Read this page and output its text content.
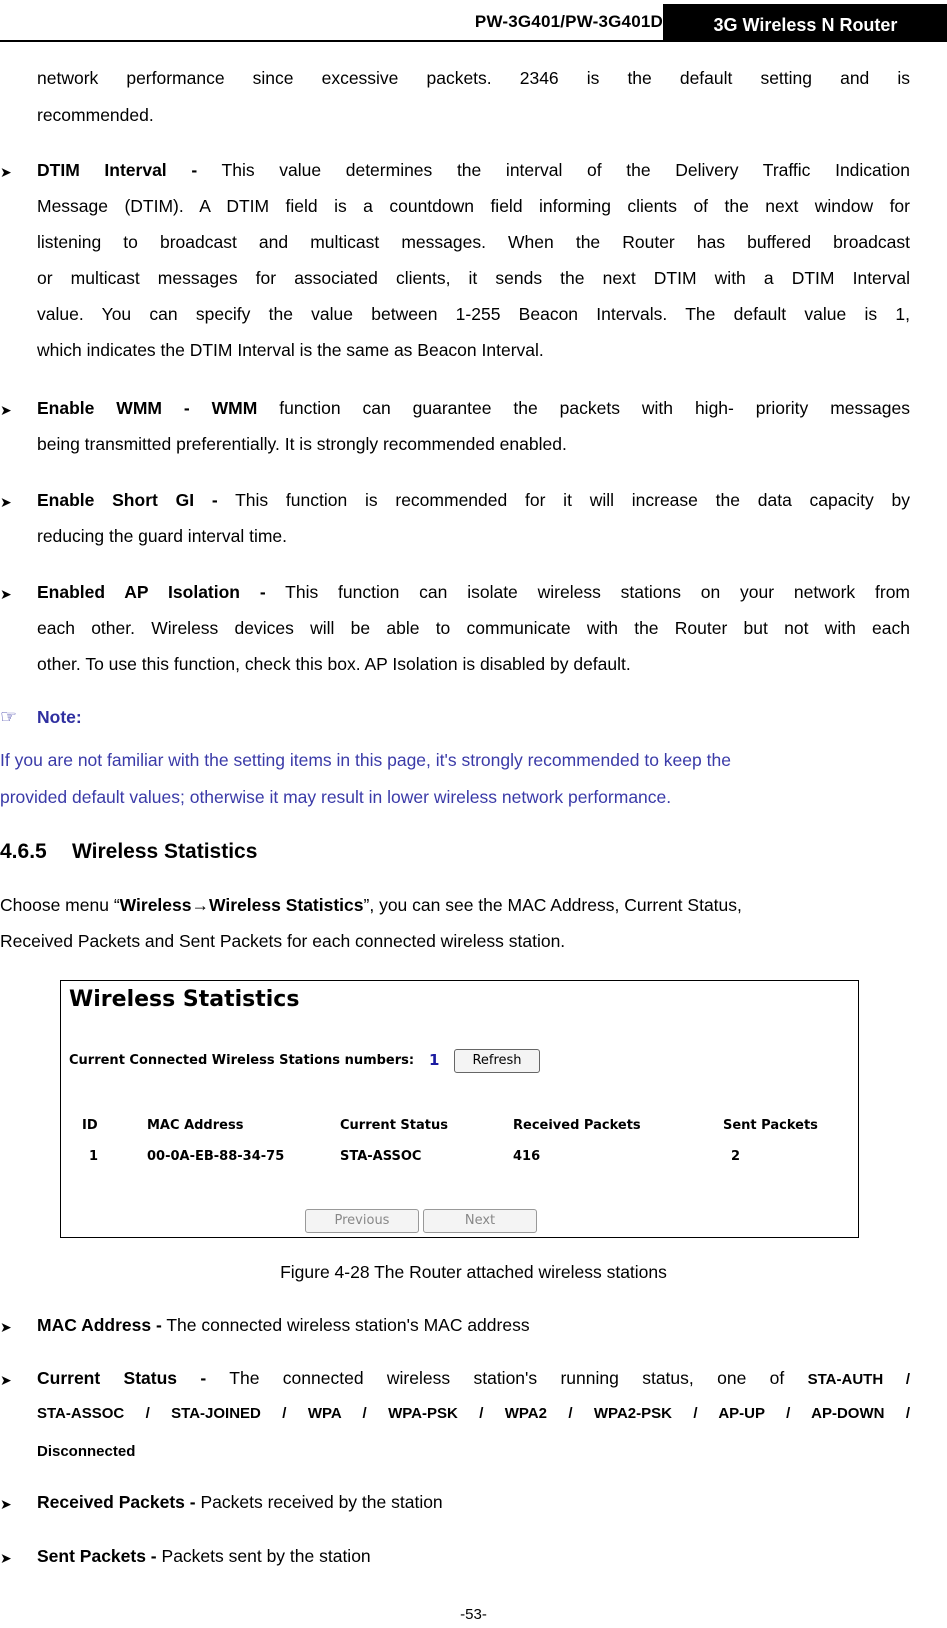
PW-3G401/PW-3G401D	3G Wireless N Router
network performance since excessive packets. 2346 is the default setting and is
recommended.
➤ DTIM Interval - This value determines the interval of the Delivery Traffic Indication
Message (DTIM). A DTIM field is a countdown field informing clients of the next window for
listening to broadcast and multicast messages. When the Router has buffered broadcast
or multicast messages for associated clients, it sends the next DTIM with a DTIM Interval
value. You can specify the value between 1-255 Beacon Intervals. The default value is 1,
which indicates the DTIM Interval is the same as Beacon Interval.
➤ Enable WMM - WMM function can guarantee the packets with high- priority messages
being transmitted preferentially. It is strongly recommended enabled.
➤ Enable Short GI - This function is recommended for it will increase the data capacity by
reducing the guard interval time.
➤ Enabled AP Isolation - This function can isolate wireless stations on your network from
each other. Wireless devices will be able to communicate with the Router but not with each
other. To use this function, check this box. AP Isolation is disabled by default.
☞ Note:
If you are not familiar with the setting items in this page, it's strongly recommended to keep the
provided default values; otherwise it may result in lower wireless network performance.
4.6.5 Wireless Statistics
Choose menu “Wireless→Wireless Statistics”, you can see the MAC Address, Current Status,
Received Packets and Sent Packets for each connected wireless station.
Wireless Statistics
Current Connected Wireless Stations numbers: 1	Refresh
ID	MAC Address	Current Status	Received Packets	Sent Packets
1	00-0A-EB-88-34-75	STA-ASSOC	416	2
Previous	Next
Figure 4-28 The Router attached wireless stations
➤ MAC Address - The connected wireless station's MAC address
➤ Current Status - The connected wireless station's running status, one of STA-AUTH /
STA-ASSOC / STA-JOINED / WPA / WPA-PSK / WPA2 / WPA2-PSK / AP-UP / AP-DOWN /
Disconnected
➤ Received Packets - Packets received by the station
➤ Sent Packets - Packets sent by the station
-53-
